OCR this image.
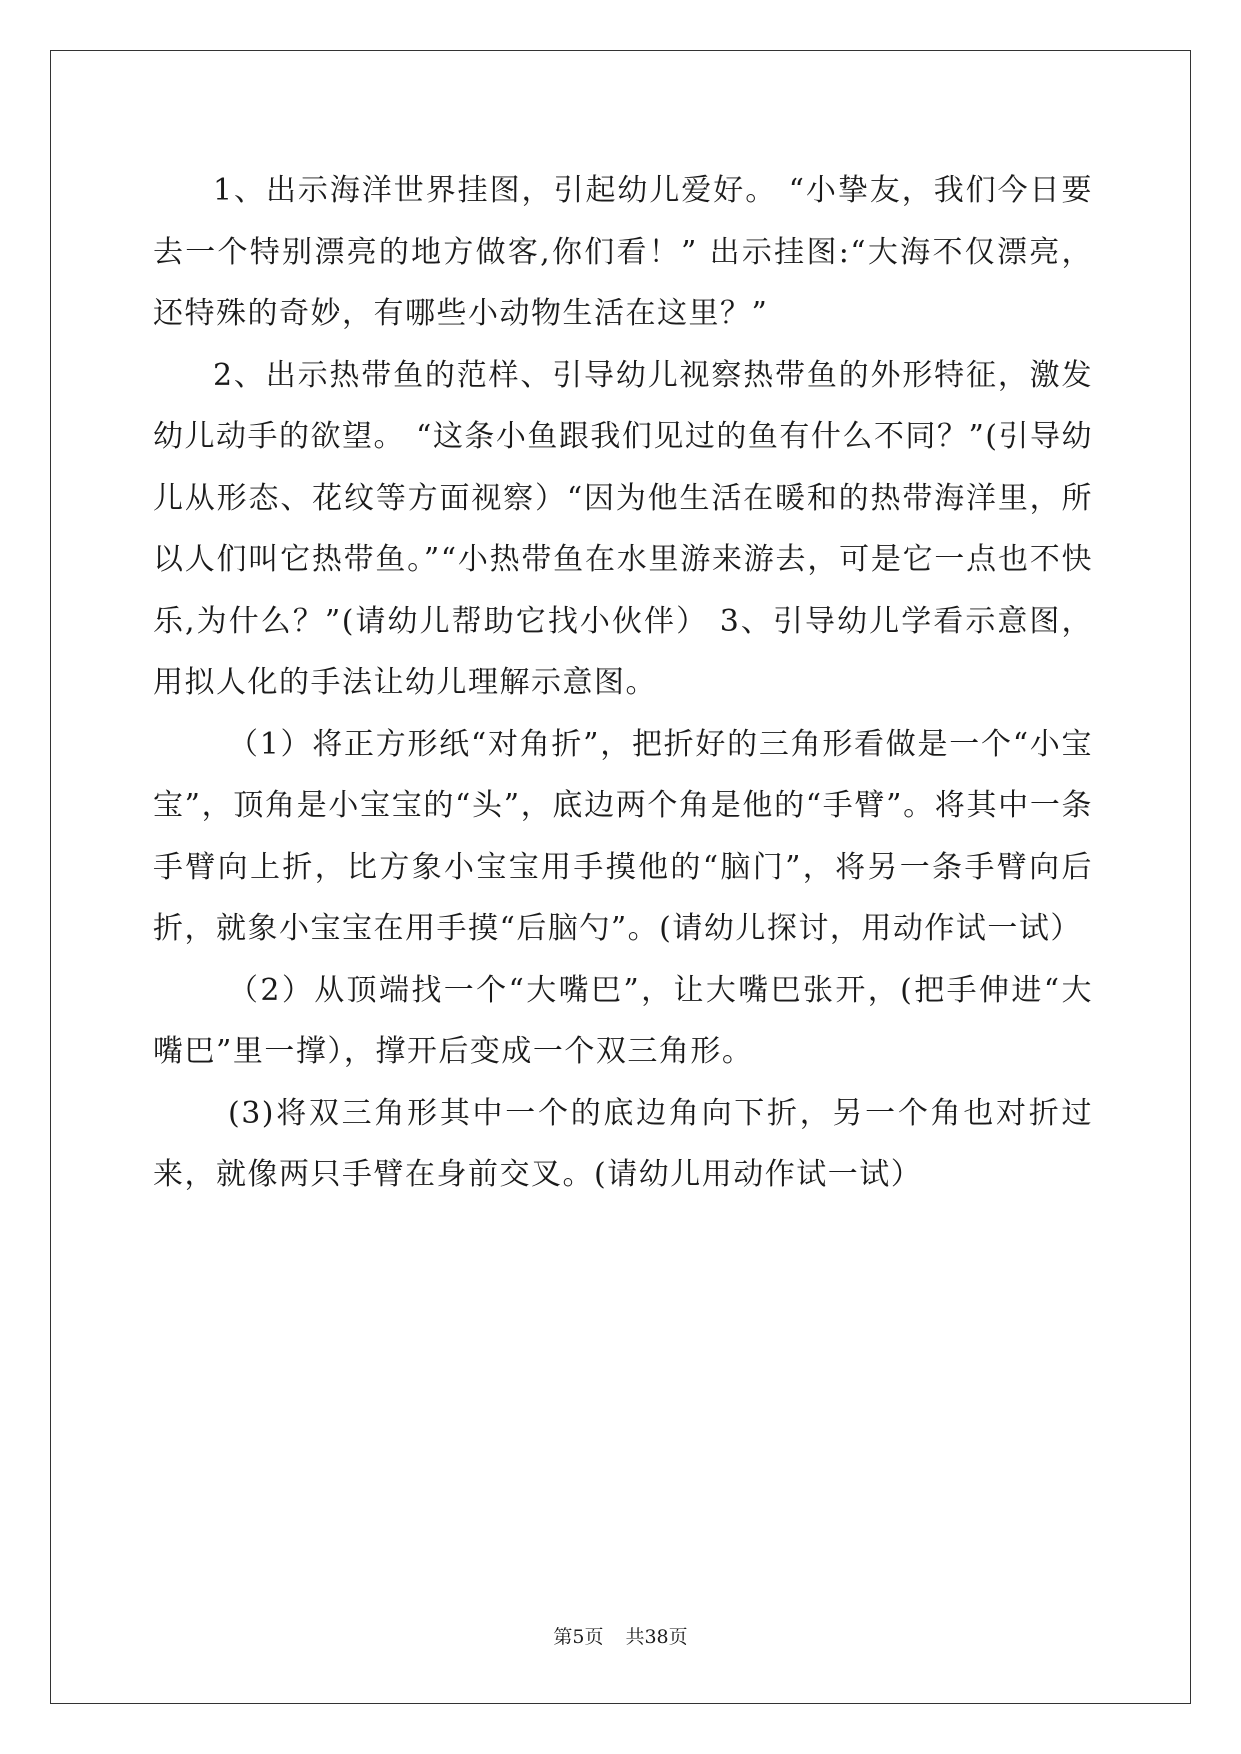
1、出示海洋世界挂图，引起幼儿爱好。 “小挚友，我们今日要去一个特别漂亮的地方做客,你们看！” 出示挂图:“大海不仅漂亮，还特殊的奇妙，有哪些小动物生活在这里？”

2、出示热带鱼的范样、引导幼儿视察热带鱼的外形特征，激发幼儿动手的欲望。 “这条小鱼跟我们见过的鱼有什么不同？”(引导幼儿从形态、花纹等方面视察）“因为他生活在暖和的热带海洋里，所以人们叫它热带鱼。”“小热带鱼在水里游来游去，可是它一点也不快乐,为什么？”(请幼儿帮助它找小伙伴） 3、引导幼儿学看示意图，用拟人化的手法让幼儿理解示意图。

（1）将正方形纸“对角折”，把折好的三角形看做是一个“小宝宝”，顶角是小宝宝的“头”，底边两个角是他的“手臂”。将其中一条手臂向上折，比方象小宝宝用手摸他的“脑门”，将另一条手臂向后折，就象小宝宝在用手摸“后脑勺”。(请幼儿探讨，用动作试一试）

（2）从顶端找一个“大嘴巴”，让大嘴巴张开，(把手伸进“大嘴巴”里一撑），撑开后变成一个双三角形。

(3)将双三角形其中一个的底边角向下折，另一个角也对折过来，就像两只手臂在身前交叉。(请幼儿用动作试一试）

第5页 共38页
